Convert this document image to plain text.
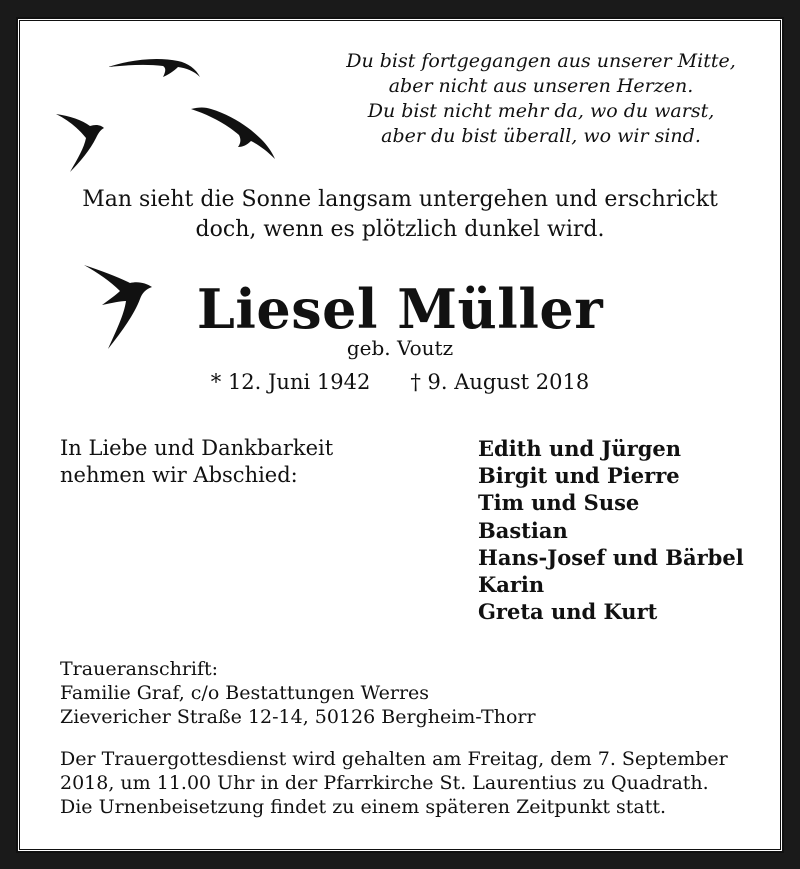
Du bist fortgegangen aus unserer Mitte,
aber nicht aus unseren Herzen.
Du bist nicht mehr da, wo du warst,
aber du bist überall, wo wir sind.
Man sieht die Sonne langsam untergehen und erschrickt
doch, wenn es plötzlich dunkel wird.
Liesel Müller
geb. Voutz
* 12. Juni 1942 † 9. August 2018
In Liebe und Dankbarkeit
nehmen wir Abschied:
Edith und Jürgen
Birgit und Pierre
Tim und Suse
Bastian
Hans-Josef und Bärbel
Karin
Greta und Kurt
Traueranschrift:
Familie Graf, c/o Bestattungen Werres
Zievericher Straße 12-14, 50126 Bergheim-Thorr
Der Trauergottesdienst wird gehalten am Freitag, dem 7. September
2018, um 11.00 Uhr in der Pfarrkirche St. Laurentius zu Quadrath.
Die Urnenbeisetzung findet zu einem späteren Zeitpunkt statt.
